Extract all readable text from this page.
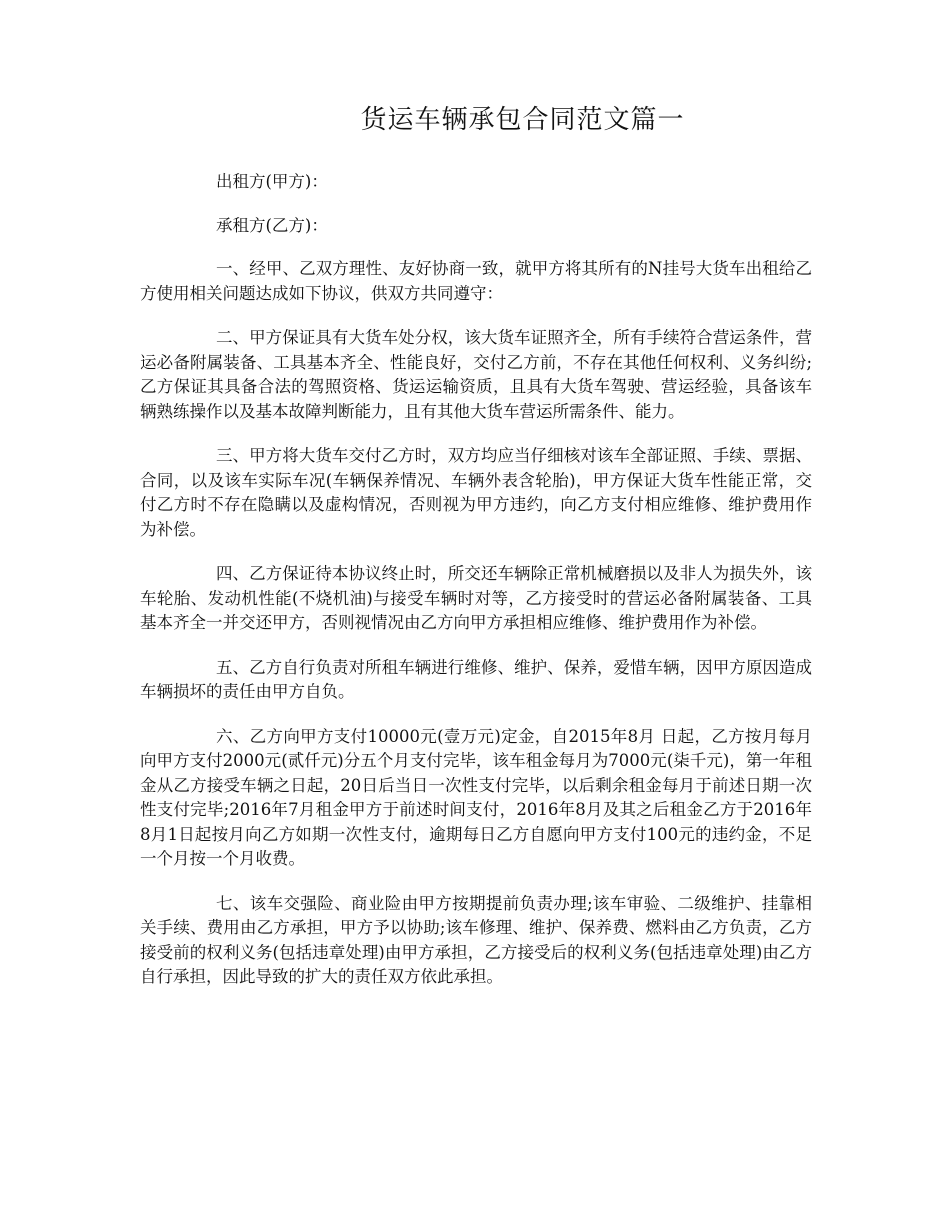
货运车辆承包合同范文篇一

出租方(甲方)：

承租方(乙方)：

一、经甲、乙双方理性、友好协商一致，就甲方将其所有的N挂号大货车出租给乙方使用相关问题达成如下协议，供双方共同遵守：

二、甲方保证具有大货车处分权，该大货车证照齐全，所有手续符合营运条件，营运必备附属装备、工具基本齐全、性能良好，交付乙方前，不存在其他任何权利、义务纠纷;乙方保证其具备合法的驾照资格、货运运输资质，且具有大货车驾驶、营运经验，具备该车辆熟练操作以及基本故障判断能力，且有其他大货车营运所需条件、能力。

三、甲方将大货车交付乙方时，双方均应当仔细核对该车全部证照、手续、票据、合同，以及该车实际车况(车辆保养情况、车辆外表含轮胎)，甲方保证大货车性能正常，交付乙方时不存在隐瞒以及虚构情况，否则视为甲方违约，向乙方支付相应维修、维护费用作为补偿。

四、乙方保证待本协议终止时，所交还车辆除正常机械磨损以及非人为损失外，该车轮胎、发动机性能(不烧机油)与接受车辆时对等，乙方接受时的营运必备附属装备、工具基本齐全一并交还甲方，否则视情况由乙方向甲方承担相应维修、维护费用作为补偿。

五、乙方自行负责对所租车辆进行维修、维护、保养，爱惜车辆，因甲方原因造成车辆损坏的责任由甲方自负。

六、乙方向甲方支付10000元(壹万元)定金，自2015年8月 日起，乙方按月每月向甲方支付2000元(贰仟元)分五个月支付完毕，该车租金每月为7000元(柒千元)，第一年租金从乙方接受车辆之日起，20日后当日一次性支付完毕，以后剩余租金每月于前述日期一次性支付完毕;2016年7月租金甲方于前述时间支付，2016年8月及其之后租金乙方于2016年8月1日起按月向乙方如期一次性支付，逾期每日乙方自愿向甲方支付100元的违约金，不足一个月按一个月收费。

七、该车交强险、商业险由甲方按期提前负责办理;该车审验、二级维护、挂靠相关手续、费用由乙方承担，甲方予以协助;该车修理、维护、保养费、燃料由乙方负责，乙方接受前的权利义务(包括违章处理)由甲方承担，乙方接受后的权利义务(包括违章处理)由乙方自行承担，因此导致的扩大的责任双方依此承担。
